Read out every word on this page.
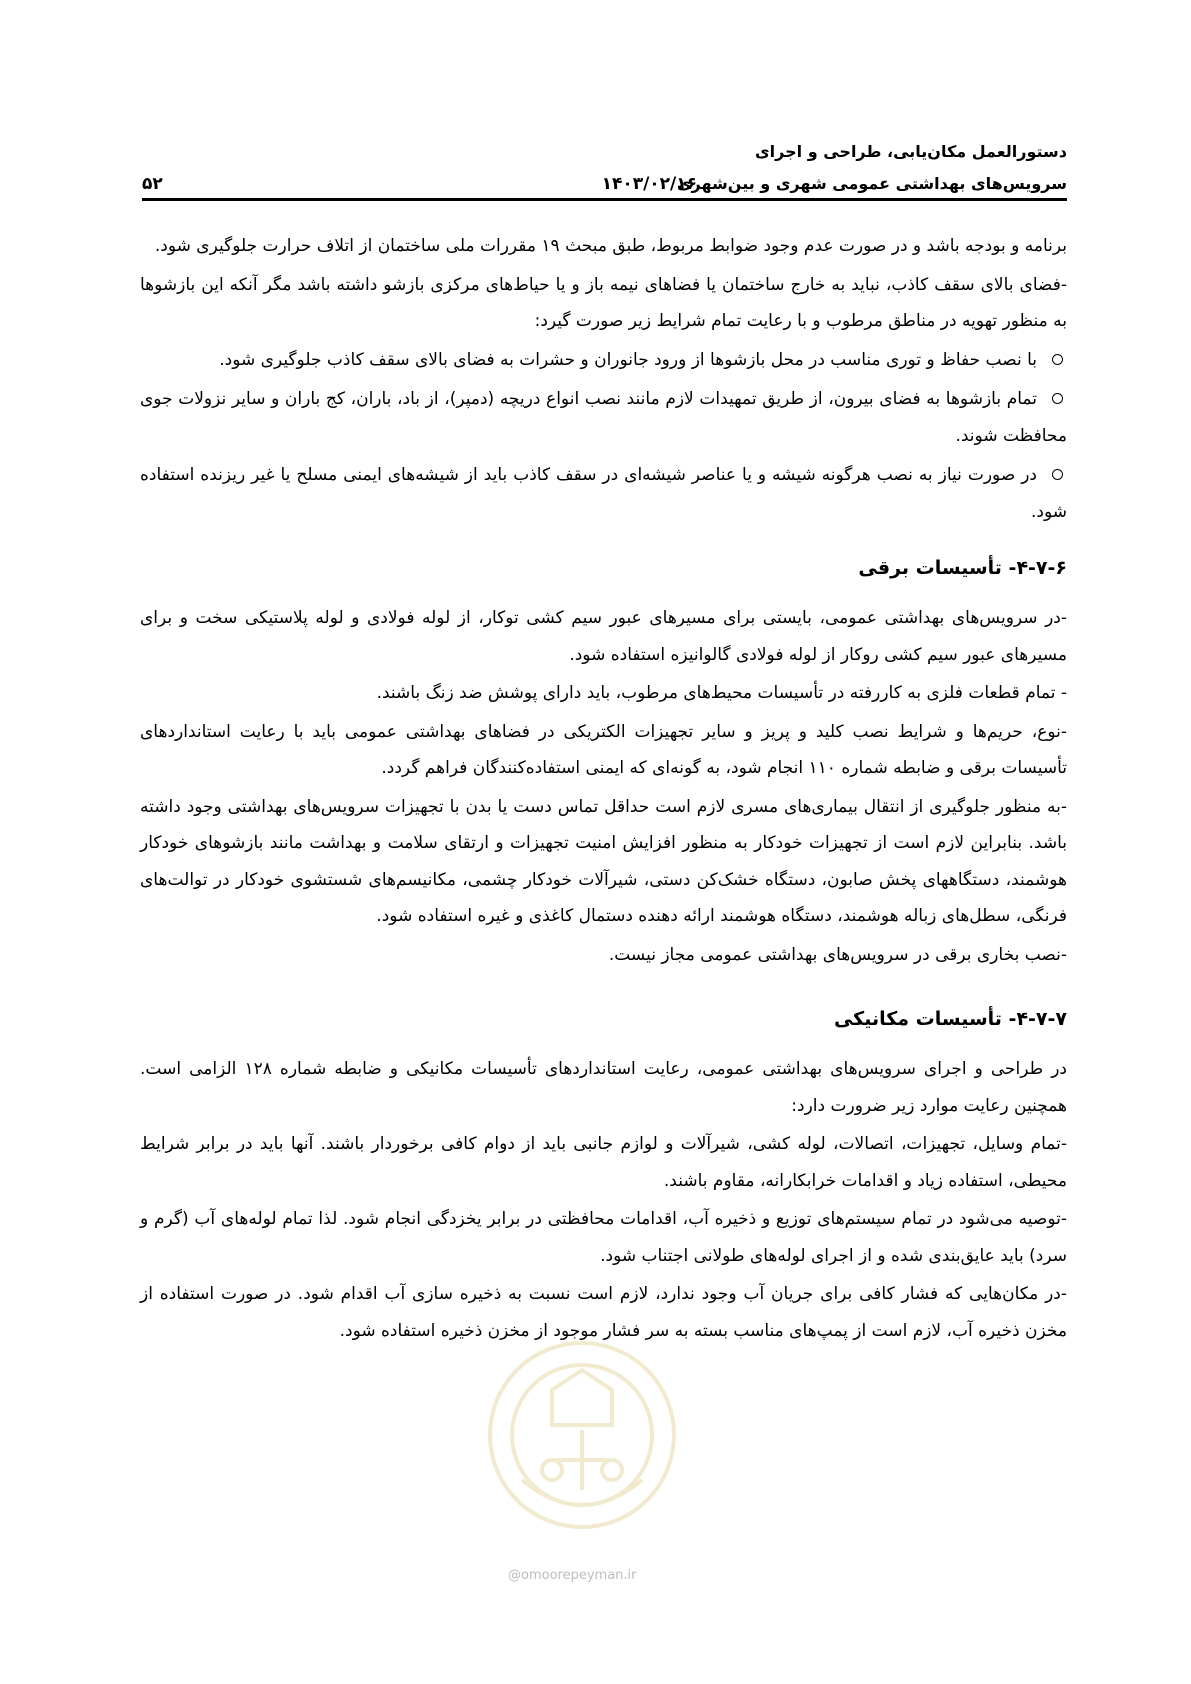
دستورالعمل مکان‌یابی، طراحی و اجرای
سرویس‌های بهداشتی عمومی شهری و بین‌شهری
۱۴۰۳/۰۲/۱۶
۵۲

برنامه و بودجه باشد و در صورت عدم وجود ضوابط مربوط، طبق مبحث ۱۹ مقررات ملی ساختمان از اتلاف حرارت جلوگیری شود.

-فضای بالای سقف کاذب، نباید به خارج ساختمان یا فضاهای نیمه باز و یا حیاط‌های مرکزی بازشو داشته باشد مگر آنکه این بازشوها به منظور تهویه در مناطق مرطوب و با رعایت تمام شرایط زیر صورت گیرد:

با نصب حفاظ و توری مناسب در محل بازشوها از ورود جانوران و حشرات به فضای بالای سقف کاذب جلوگیری شود.
تمام بازشوها به فضای بیرون، از طریق تمهیدات لازم مانند نصب انواع دریچه (دمپر)، از باد، باران، کج باران و سایر نزولات جوی محافظت شوند.
در صورت نیاز به نصب هرگونه شیشه و یا عناصر شیشه‌ای در سقف کاذب باید از شیشه‌های ایمنی مسلح یا غیر ریزنده استفاده شود.
۴-۷-۶- تأسیسات برقی

-در سرویس‌های بهداشتی عمومی، بایستی برای مسیرهای عبور سیم کشی توکار، از لوله فولادی و لوله پلاستیکی سخت و برای مسیرهای عبور سیم کشی روکار از لوله فولادی گالوانیزه استفاده شود.

- تمام قطعات فلزی به کاررفته در تأسیسات محیط‌های مرطوب، باید دارای پوشش ضد زنگ باشند.

-نوع، حریم‌ها و شرایط نصب کلید و پریز و سایر تجهیزات الکتریکی در فضاهای بهداشتی عمومی باید با رعایت استانداردهای تأسیسات برقی و ضابطه شماره ۱۱۰ انجام شود، به گونه‌ای که ایمنی استفاده‌کنندگان فراهم گردد.

-به منظور جلوگیری از انتقال بیماری‌های مسری لازم است حداقل تماس دست یا بدن با تجهیزات سرویس‌های بهداشتی وجود داشته باشد. بنابراین لازم است از تجهیزات خودکار به منظور افزایش امنیت تجهیزات و ارتقای سلامت و بهداشت مانند بازشوهای خودکار هوشمند، دستگاههای پخش صابون، دستگاه خشک‌کن دستی، شیرآلات خودکار چشمی، مکانیسم‌های شستشوی خودکار در توالت‌های فرنگی، سطل‌های زباله هوشمند، دستگاه هوشمند ارائه دهنده دستمال کاغذی و غیره استفاده شود.

-نصب بخاری برقی در سرویس‌های بهداشتی عمومی مجاز نیست.

۴-۷-۷- تأسیسات مکانیکی

در طراحی و اجرای سرویس‌های بهداشتی عمومی، رعایت استانداردهای تأسیسات مکانیکی و ضابطه شماره ۱۲۸ الزامی است. همچنین رعایت موارد زیر ضرورت دارد:

-تمام وسایل، تجهیزات، اتصالات، لوله کشی، شیرآلات و لوازم جانبی باید از دوام کافی برخوردار باشند. آنها باید در برابر شرایط محیطی، استفاده زیاد و اقدامات خرابکارانه، مقاوم باشند.

-توصیه می‌شود در تمام سیستم‌های توزیع و ذخیره آب، اقدامات محافظتی در برابر یخزدگی انجام شود. لذا تمام لوله‌های آب (گرم و سرد) باید عایق‌بندی شده و از اجرای لوله‌های طولانی اجتناب شود.

-در مکان‌هایی که فشار کافی برای جریان آب وجود ندارد، لازم است نسبت به ذخیره سازی آب اقدام شود. در صورت استفاده از مخزن ذخیره آب، لازم است از پمپ‌های مناسب بسته به سر فشار موجود از مخزن ذخیره استفاده شود.

@omoorepeyman.ir
